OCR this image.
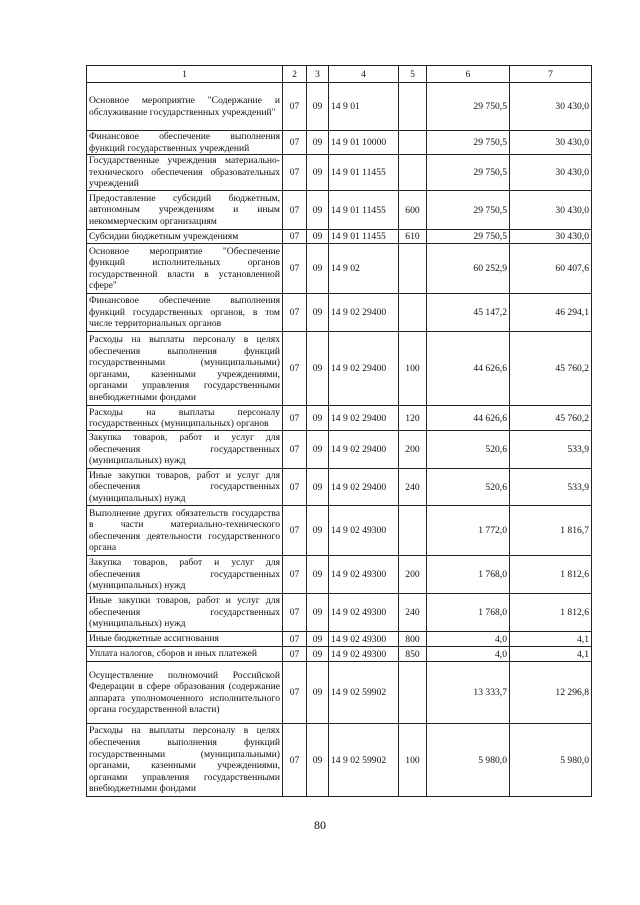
1	2	3	4	5	6	7
Основное мероприятие "Содержание и обслуживание государственных учреждений"	07	09	14 9 01		29 750,5	30 430,0
Финансовое обеспечение выполнения функций государственных учреждений	07	09	14 9 01 10000		29 750,5	30 430,0
Государственные учреждения материально-технического обеспечения образовательных учреждений	07	09	14 9 01 11455		29 750,5	30 430,0
Предоставление субсидий бюджетным, автономным учреждениям и иным некоммерческим организациям	07	09	14 9 01 11455	600	29 750,5	30 430,0
Субсидии бюджетным учреждениям	07	09	14 9 01 11455	610	29 750,5	30 430,0
Основное мероприятие "Обеспечение функций исполнительных органов государственной власти в установленной сфере"	07	09	14 9 02		60 252,9	60 407,6
Финансовое обеспечение выполнения функций государственных органов, в том числе территориальных органов	07	09	14 9 02 29400		45 147,2	46 294,1
Расходы на выплаты персоналу в целях обеспечения выполнения функций государственными (муниципальными) органами, казенными учреждениями, органами управления государственными внебюджетными фондами	07	09	14 9 02 29400	100	44 626,6	45 760,2
Расходы на выплаты персоналу государственных (муниципальных) органов	07	09	14 9 02 29400	120	44 626,6	45 760,2
Закупка товаров, работ и услуг для обеспечения государственных (муниципальных) нужд	07	09	14 9 02 29400	200	520,6	533,9
Иные закупки товаров, работ и услуг для обеспечения государственных (муниципальных) нужд	07	09	14 9 02 29400	240	520,6	533,9
Выполнение других обязательств государства в части материально-технического обеспечения деятельности государственного органа	07	09	14 9 02 49300		1 772,0	1 816,7
Закупка товаров, работ и услуг для обеспечения государственных (муниципальных) нужд	07	09	14 9 02 49300	200	1 768,0	1 812,6
Иные закупки товаров, работ и услуг для обеспечения государственных (муниципальных) нужд	07	09	14 9 02 49300	240	1 768,0	1 812,6
Иные бюджетные ассигнования	07	09	14 9 02 49300	800	4,0	4,1
Уплата налогов, сборов и иных платежей	07	09	14 9 02 49300	850	4,0	4,1
Осуществление полномочий Российской Федерации в сфере образования (содержание аппарата уполномоченного исполнительного органа государственной власти)	07	09	14 9 02 59902		13 333,7	12 296,8
Расходы на выплаты персоналу в целях обеспечения выполнения функций государственными (муниципальными) органами, казенными учреждениями, органами управления государственными внебюджетными фондами	07	09	14 9 02 59902	100	5 980,0	5 980,0
80
